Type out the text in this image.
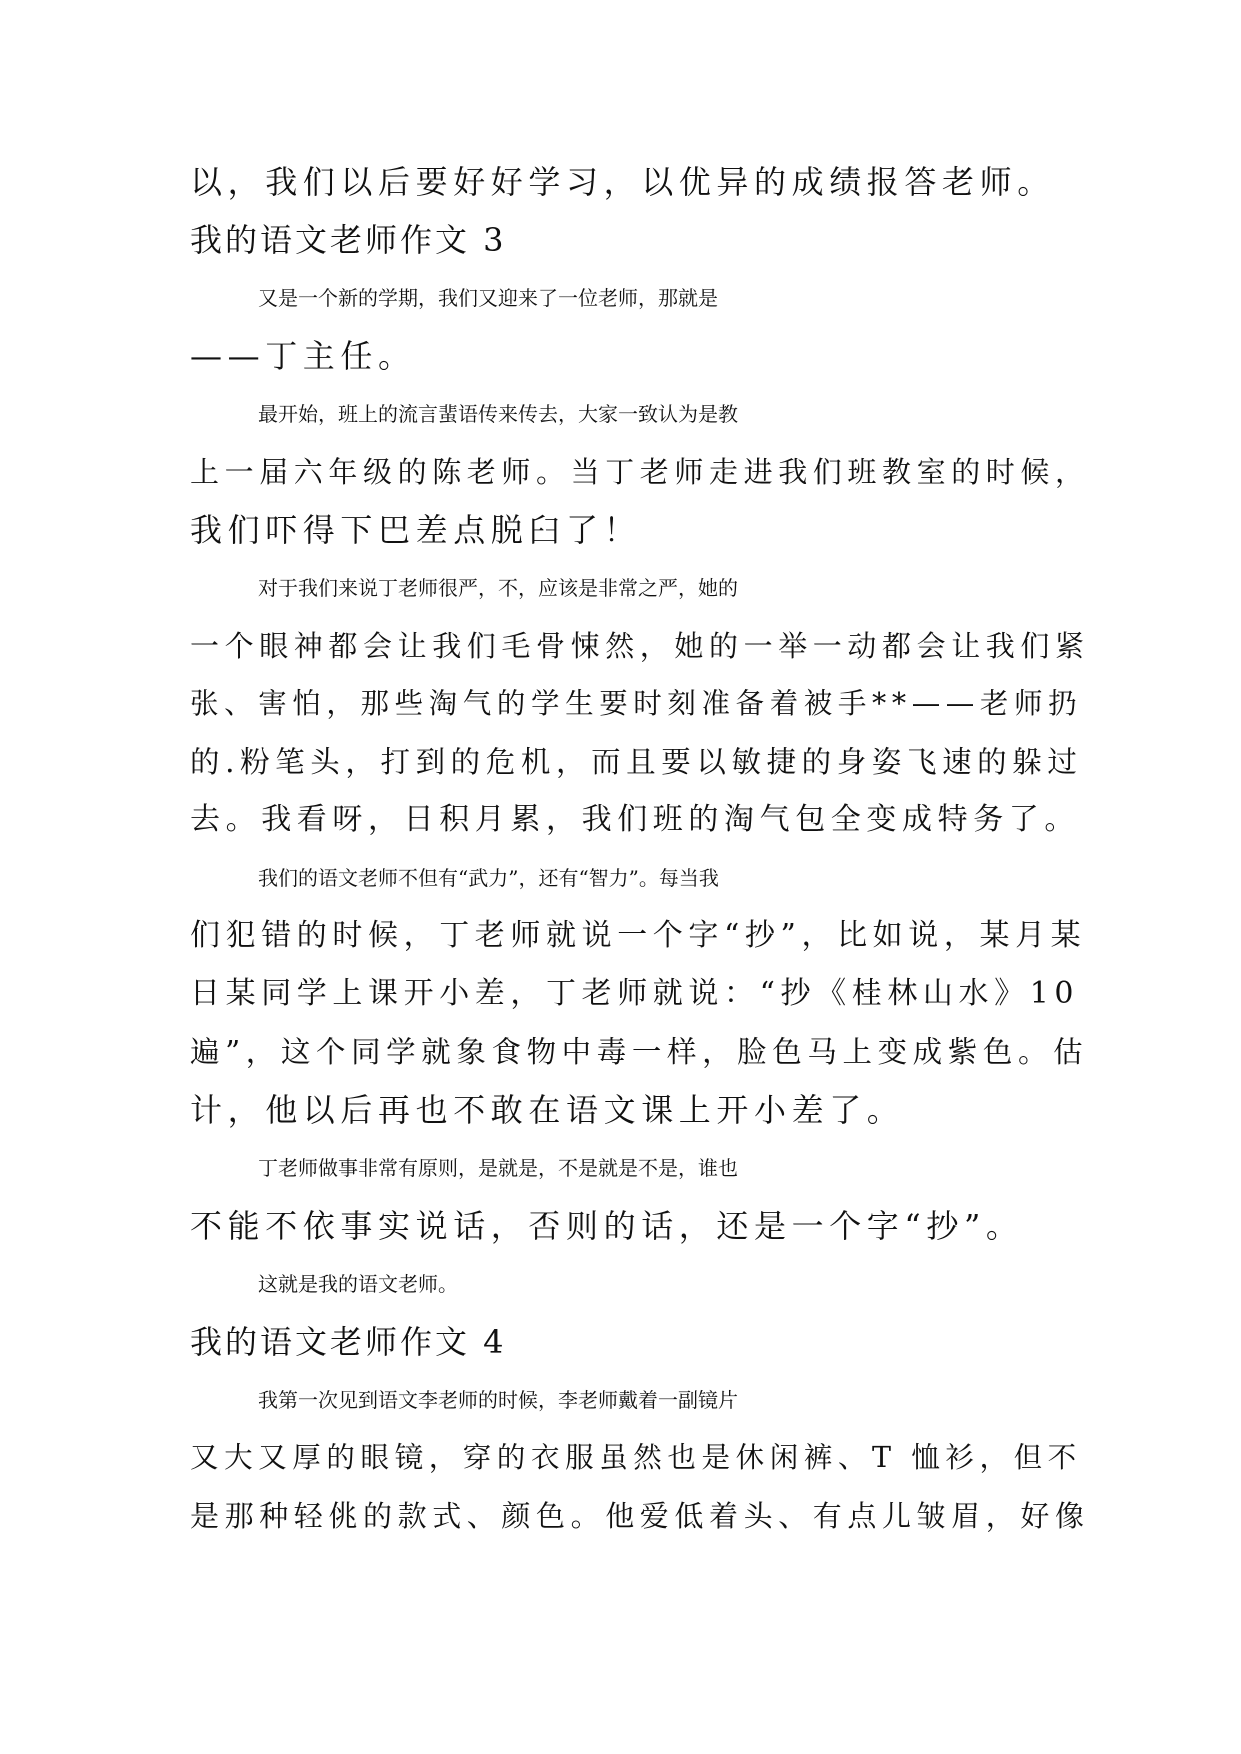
以，我们以后要好好学习，以优异的成绩报答老师。
我的语文老师作文 3
又是一个新的学期，我们又迎来了一位老师，那就是
——丁主任。
最开始，班上的流言蜚语传来传去，大家一致认为是教
上一届六年级的陈老师。当丁老师走进我们班教室的时候，
我们吓得下巴差点脱臼了！
对于我们来说丁老师很严，不，应该是非常之严，她的
一个眼神都会让我们毛骨悚然，她的一举一动都会让我们紧
张、害怕，那些淘气的学生要时刻准备着被手**——老师扔
的.粉笔头，打到的危机，而且要以敏捷的身姿飞速的躲过
去。我看呀，日积月累，我们班的淘气包全变成特务了。
我们的语文老师不但有“武力”，还有“智力”。每当我
们犯错的时候，丁老师就说一个字“抄”，比如说，某月某
日某同学上课开小差，丁老师就说：“抄《桂林山水》10
遍”，这个同学就象食物中毒一样，脸色马上变成紫色。估
计，他以后再也不敢在语文课上开小差了。
丁老师做事非常有原则，是就是，不是就是不是，谁也
不能不依事实说话，否则的话，还是一个字“抄”。
这就是我的语文老师。
我的语文老师作文 4
我第一次见到语文李老师的时候，李老师戴着一副镜片
又大又厚的眼镜，穿的衣服虽然也是休闲裤、T 恤衫，但不
是那种轻佻的款式、颜色。他爱低着头、有点儿皱眉，好像
